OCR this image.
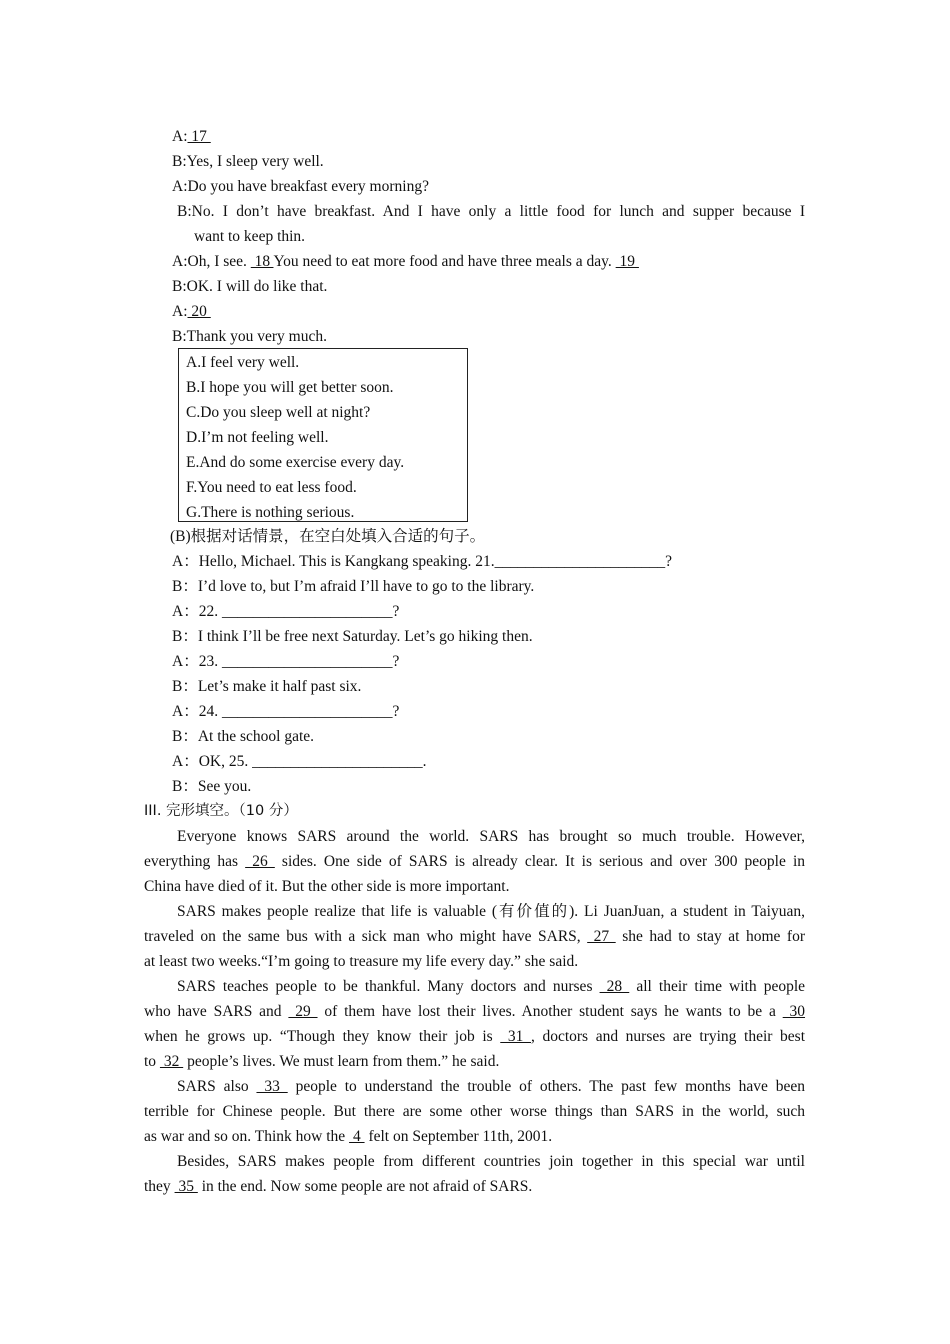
A: 17
B:Yes, I sleep very well.
A:Do you have breakfast every morning?
B:No. I don’t have breakfast. And I have only a little food for lunch and supper because I
want to keep thin.
A:Oh, I see.  18 You need to eat more food and have three meals a day.  19
B:OK. I will do like that.
A: 20
B:Thank you very much.
A.I feel very well.
B.I hope you will get better soon.
C.Do you sleep well at night?
D.I’m not feeling well.
E.And do some exercise every day.
F.You need to eat less food.
G.There is nothing serious.
(B)根据对话情景，在空白处填入合适的句子。
A：Hello, Michael. This is Kangkang speaking. 21.______________________?
B：I’d love to, but I’m afraid I’ll have to go to the library.
A：22. ______________________?
B：I think I’ll be free next Saturday. Let’s go hiking then.
A：23. ______________________?
B：Let’s make it half past six.
A：24. ______________________?
B：At the school gate.
A：OK, 25. ______________________.
B：See you.
III. 完形填空。（10 分）
Everyone knows SARS around the world. SARS has brought so much trouble. However,
everything has  26  sides. One side of SARS is already clear. It is serious and over 300 people in
China have died of it. But the other side is more important.
SARS makes people realize that life is valuable (有价值的). Li JuanJuan, a student in Taiyuan,
traveled on the same bus with a sick man who might have SARS,  27  she had to stay at home for
at least two weeks.“I’m going to treasure my life every day.” she said.
SARS teaches people to be thankful. Many doctors and nurses  28  all their time with people
who have SARS and  29  of them have lost their lives. Another student says he wants to be a  30
when he grows up. “Though they know their job is  31 , doctors and nurses are trying their best
to  32  people’s lives. We must learn from them.” he said.
SARS also  33  people to understand the trouble of others. The past few months have been
terrible for Chinese people. But there are some other worse things than SARS in the world, such
as war and so on. Think how the  4  felt on September 11th, 2001.
Besides, SARS makes people from different countries join together in this special war until
they  35  in the end. Now some people are not afraid of SARS.
